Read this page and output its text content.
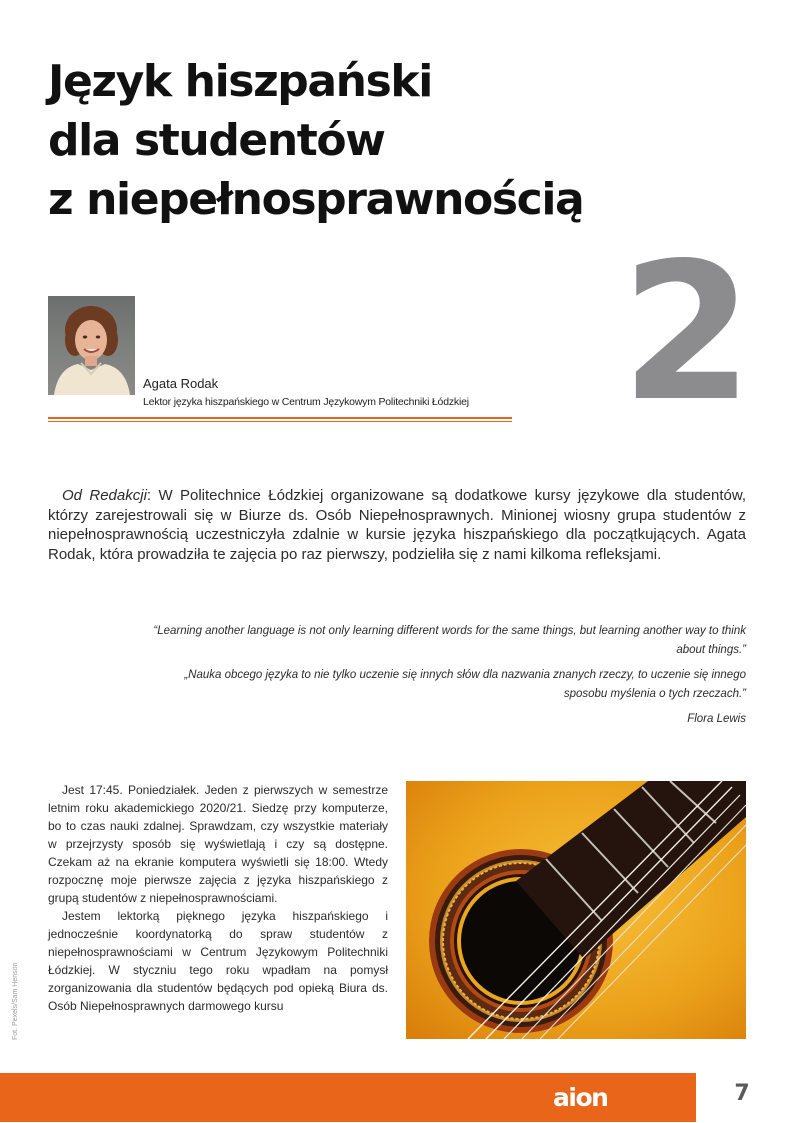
Język hiszpański
dla studentów
z niepełnosprawnością
2
Agata Rodak
Lektor języka hiszpańskiego w Centrum Językowym Politechniki Łódzkiej

Od Redakcji: W Politechnice Łódzkiej organizowane są dodatkowe kursy językowe dla studentów, którzy zarejestrowali się w Biurze ds. Osób Niepełnosprawnych. Minionej wiosny grupa studentów z niepełnosprawnością uczestniczyła zdalnie w kursie języka hiszpańskiego dla początkujących. Agata Rodak, która prowadziła te zajęcia po raz pierwszy, podzieliła się z nami kilkoma refleksjami.

“Learning another language is not only learning different words for the same things, but learning another way to think about things.”

„Nauka obcego języka to nie tylko uczenie się innych słów dla nazwania znanych rzeczy, to uczenie się innego sposobu myślenia o tych rzeczach.”

Flora Lewis

Jest 17:45. Poniedziałek. Jeden z pierwszych w semestrze letnim roku akademickiego 2020/21. Siedzę przy komputerze, bo to czas nauki zdalnej. Sprawdzam, czy wszystkie materiały w przejrzysty sposób się wyświetlają i czy są dostępne. Czekam aż na ekranie komputera wyświetli się 18:00. Wtedy rozpocznę moje pierwsze zajęcia z języka hiszpańskiego z grupą studentów z niepełnosprawnościami.

Jestem lektorką pięknego języka hiszpańskiego i jednocześnie koordynatorką do spraw studentów z niepełnosprawnościami w Centrum Językowym Politechniki Łódzkiej. W styczniu tego roku wpadłam na pomysł zorganizowania dla studentów będących pod opieką Biura ds. Osób Niepełnosprawnych darmowego kursu

Fot. Pexels/Sam Henson
aion	7
